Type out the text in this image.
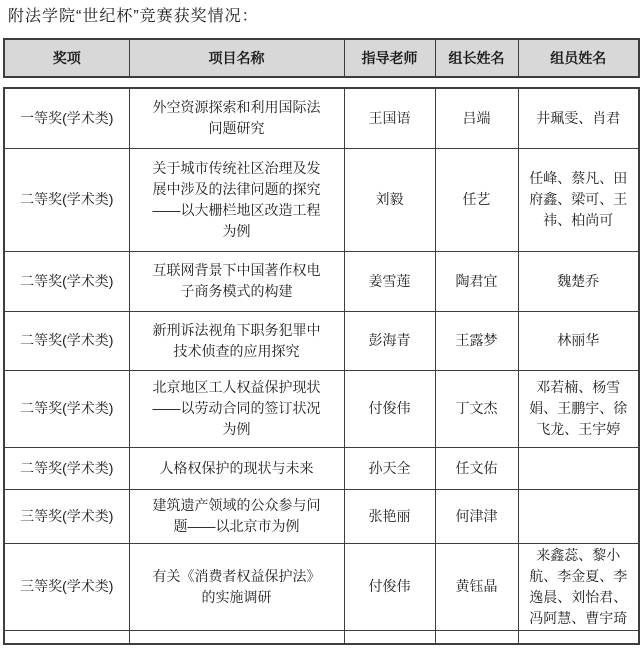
附法学院“世纪杯”竞赛获奖情况：
奖项	项目名称	指导老师	组长姓名	组员姓名
一等奖(学术类)	外空资源探索和利用国际法问题研究	王国语	吕端	井珮雯、肖君
二等奖(学术类)	关于城市传统社区治理及发展中涉及的法律问题的探究——以大栅栏地区改造工程为例	刘毅	任艺	任峰、蔡凡、田府鑫、梁可、王祎、柏尚可
二等奖(学术类)	互联网背景下中国著作权电子商务模式的构建	姜雪莲	陶君宜	魏楚乔
二等奖(学术类)	新刑诉法视角下职务犯罪中技术侦查的应用探究	彭海青	王露梦	林丽华
二等奖(学术类)	北京地区工人权益保护现状——以劳动合同的签订状况为例	付俊伟	丁文杰	邓若楠、杨雪娟、王鹏宇、徐飞龙、王宇婷
二等奖(学术类)	人格权保护的现状与未来	孙天全	任文佑	
三等奖(学术类)	建筑遗产领域的公众参与问题——以北京市为例	张艳丽	何津津	
三等奖(学术类)	有关《消费者权益保护法》的实施调研	付俊伟	黄钰晶	来鑫蕊、黎小航、李金夏、李逸晨、刘怡君、冯阿慧、曹宇琦
